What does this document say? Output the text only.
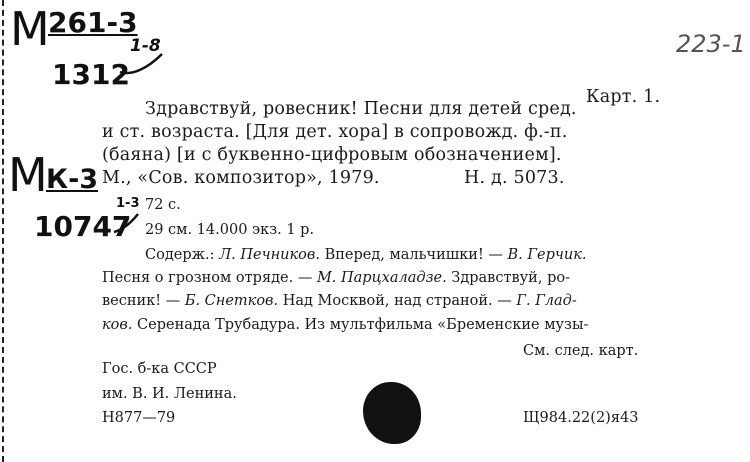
M
261-3
1-8
1312
223-1
M
К-3
1-3
10747
Карт. 1.
Здравствуй, ровесник! Песни для детей сред.
и ст. возраста. [Для дет. хора] в сопровожд. ф.-п.
(баяна) [и с буквенно-цифровым обозначением].
М., «Сов. композитор», 1979.	Н. д. 5073.
72 с.
29 см. 14.000 экз. 1 р.
Содерж.: Л. Печников. Вперед, мальчишки! — В. Герчик.
Песня о грозном отряде. — М. Парцхаладзе. Здравствуй, ро-
весник! — Б. Снетков. Над Москвой, над страной. — Г. Глад-
ков. Серенада Трубадура. Из мультфильма «Бременские музы-
См. след. карт.
Гос. б-ка СССР
им. В. И. Ленина.
Н877—79	Щ984.22(2)я43
